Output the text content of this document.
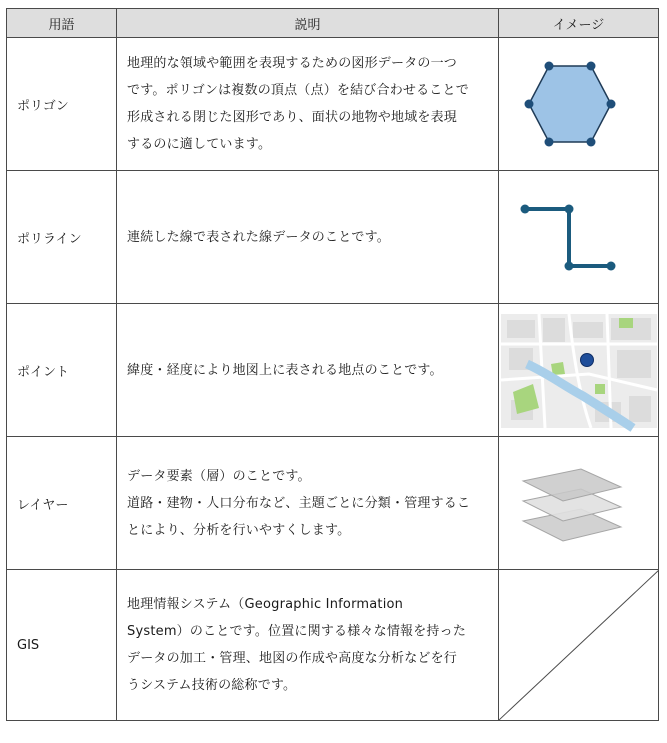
用語	説明	イメージ
ポリゴン	地理的な領域や範囲を表現するための図形データの一つ

です。ポリゴンは複数の頂点（点）を結び合わせることで

形成される閉じた図形であり、面状の地物や地域を表現

するのに適しています。

ポリライン	連続した線で表された線データのことです。

ポイント	緯度・経度により地図上に表される地点のことです。

レイヤー	データ要素（層）のことです。

道路・建物・人口分布など、主題ごとに分類・管理するこ

とにより、分析を行いやすくします。

GIS	地理情報システム（Geographic Information

System）のことです。位置に関する様々な情報を持った

データの加工・管理、地図の作成や高度な分析などを行

うシステム技術の総称です。
